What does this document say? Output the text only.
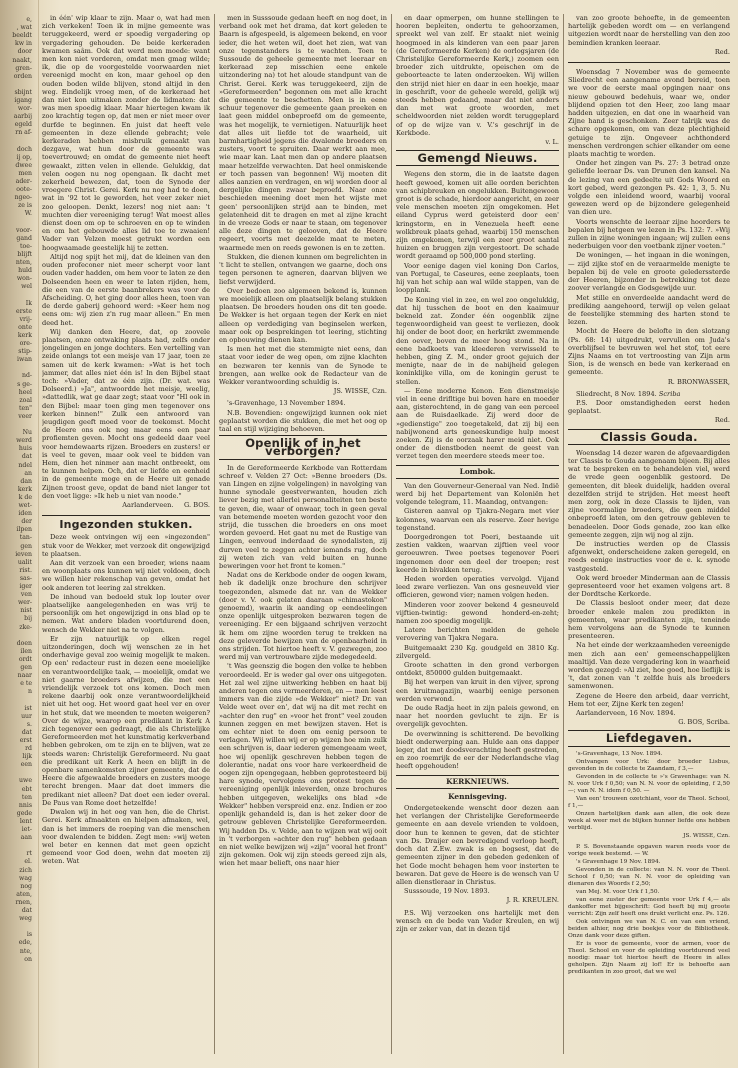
e,
, wat
beeldt
kw in
door
naakt,
gren-
orden
sbijnt
igang
wor-
aarbij
egeld
rn af-
doch
ij op,
dwee
men
ader-
oote-
ngeo-
ze is
W.
voor-
gand
toe-
blijft
nten,
huld
won-
wel
Ik
erste
vrij-
onte
kerk
ore-
stip-
iwan
nd-
s ge-
heel
zoal
ten"
veer
Nu
werd
huis
dat
ndel
an
dan
kerk
k de
wet-
iden
der
ilpen
tan-
gen
ieven
ualit
rist.
sas-
iger
ven
wer-
nist
bij
zke-
doen
ilen
ordt
gen
naar
e te
n
ist
uur
s.
dat
erst
rd
lijk
een
uwe
ebt
ten
nnis
gede
lent
iet-
aan
rt
el.
zich
wag
nog
aten,
rnen,
dat
weg
is
ede,
nte,
on

in één' wip klaar te zijn. Maar o, wat had men zich verkeken! Toen ik in mijne gemeente was teruggekeerd, werd er spoedig vergadering op vergadering gehouden. De beide kerkeraden kwamen saâm. Ook dat werd men moede: want men kon niet vorderen, omdat men gmag wilde; ik, die op de voorgestelde voorwaarden niet vereenigd mocht en kon, maar gehoel op den ouden boden wilde blijven, stond altijd in den weg. Eindelijk vroeg men, of de kerkeraad het dan niet kon uitmaken zonder de lidmaten: dat was men spoedig klaar. Maar hiertegen kwam ik zoo krachtig tegen op, dat men er niet meer over durfde te beginnen. En juist dat heeft vele gemeenten in deze ellende gebracht; vele kerkeraden hebben misbruik gemaakt van dezgave, wat hun door de gemeente was toevertrouwd; en omdat de gemeente niet heeft gewaakt, zitten velen in ellende. Gelukkig, dat velen oogen nu nog opengaan. Ik dacht met zekerheid bewezen, dat, toen de Synode der vroegere Christ. Gerei. Kerk nu nog had te doen, wat in '92 tot le geworden, het veer zeker niet zoo geloopen. Denkt, lezers! nog niet aan: 't muchten dier vereeniging terug! Wat moest alles dienst doen om op te schroeven en op te winden en om het gebouwde alles lid toe te zwaaien! Vader van Velzen moest getrukt worden een hoogwaamade geestelijk hij te zetten.

Altijd nog spijt het mij, dat de kleinen van den ouden profeconer niet meer scherpt voor lant ouden vader hadden, om hem voor te laten ze den Dolseenden heen en weer te laten rijden, hem, die een van de eerste baanbrekers was voor de Afscheiding. O, het ging door alles heen, toen van de derde gaberij gehoord werd: »Keer hem nog eens om: wij zien z'n rug maar alleen." En men deed het.

Wij danken den Heere, dat, op zoovele plaatsen, onze ontwaking plaats had, zelfs onder jongelingen en jonge dochters. Een vertelling van zeide onlangs tot een meisje van 17 jaar, toen ze samen uit de kerk kwamen: »Wat is het toch jammer, dat alles niet één is! In den Bijbel staat toch: »Vader, dat ze één zijn. (Dr. wat. was Dolseerd.) »Ja", antwoordde het meisje, weelig, »dattedlik, wat ge daar zegt; staat voor "Hl ook in den Bijbel: maar toen ging men tegenover ons kerken binnen!" Zulk een antwoord van jeugdigen geeft moed voor de toekomst. Mocht de Heere ons ook nog maar eens een paar profiemten geven. Mocht ons gedeeld daar veel voor hemdewaarts rijzen. Broeders en zusters! er is veel te geven, maar ook veel te bidden van Hem, dien het ninmer aan macht ontbreekt, om te kunnen helpen. Och, dat er liefde en eenheid in de gemeente moge en de Heere uit genade Zijnen troost geve, opdat de band niet langer tot den voet ligge: »Ik heb u niet van noode."

Aarlanderveen. G. BOS.

Ingezonden stukken.

Deze week ontvingen wij een »ingezonden" stuk voor de Wekker, met verzoek dit ongewijzigd te plaatsen.

Aan dit verzoek van een broeder, wiens naam en woonplaats ons kunnen wij niet voldoen, doch we willen hier rekenschap van geven, omdat het ook anderen tot leering zal strekken.

De inhoud van bedoeld stuk lop louter over plaatselijke aangelegenheden en was vrij te persoonlijk om het ongewijzigd in ons blad op te nemen. Wat andere bladen voortdurend doen, wensch de Wekker niet na te volgen.

Er zijn natuurlijk op elken regel uitzonderingen, doch wij wenschen ze in het onderhavige geval zoo weinig mogelijk te maken. Op een' redacteur rust in dezen eene moeielijke en verantwoordelijke taak, — moeielijk, omdat we niet gaarne broeders afwijzen, die met een vriendelijk verzoek tot ons komen. Doch men rekene daarbij ook onze verantwoordelijkheid niet uit het oog. Het woord gaat heel ver en over in het stuk, dat we meenden te moeten weigeren? Over de wijze, waarop een predikant in Kerk A zich tegenover een gedraagt, die als Christelijke Gereformeerden met het kunstmatig kerkverband hebben gebroken, om te zijn en te blijven, wat ze steeds waren: Christelijk Gereformeerd. Nu gaat die predikant uit Kerk A heen en blijft in de openbare samenkomsten zijner gemeente, dat de Heere die afgewaalde broeders en zusters mooge terecht brengen. Maar dat doet immers die predikant niet alleen? Dat doet een ieder overal. De Paus van Rome doet hetzelfde!

Dwalen wij in het oog van hen, die de Christ. Gerei. Kerk afmaakten en hielpen afmaken, wel, dan is het immers de roeping van die menschen voor dwalenden te bidden. Zegt men: »wij weten wel beter en kennen dat met geen opzicht gemeend voor God doen, wehn dat moeten zij weten. Wat

men in Susssoude gedaan heeft en nog doet, in verband ook met het drama, dat kort geleden te Baarn is afgespeeld, is algemeen bekend, en voor ieder, die het weten wil, doet het zien, wat van onze tegenstanders is te wachten. Toen te Sussoude de geheele gemeente met leeraar en kerkeraad zep misschien eene enkele uitzondering na) tot het aloude standpunt van de Christ. Gerei. Kerk was teruggekeerd, zijn de »Gereformeerden" begonnen om met alle kracht die gemeente te beschetten. Men is in eene schuur tegenover die gemeente gaan preeken en laat geen middel onbeproefd om de gemeente, was het mogelijk, te vernietigen. Natuurlijk heet dat alles uit liefde tot de waarheid, uit barmhartigheid jegens die dwalende broeders en zusters, voort te spruiten. Daar werkt aan mee, wie maar kan. Laat men dan op andere plaatsen maar hetzelfde verwachten. Dat heel onmiskende er toch passen van begonnen! Wij moeten dit alles aanzien en verdragen, en wij worden door al dergelijke dingen zwaar beproefd. Naar onze beschieden meening doet men het wijste met geen' persoonlijken strijd aan te binden, met gelatenheid dit te dragen en met al zijne kracht in de vreeze Gods er naar te staan, om tegenover alle deze dingen te gelooven, dat de Heere regeert, voorts met deezelde maat te meten, waarmede men on reeds gewonen is en te zetten.

Stukken, die dienen kunnen om begrelichten in 't licht te stellen, ontvangen we gaarne, doch ons tegen personen te agneren, daarvan blijven we liefst verwijderd.

Over bedoen zoo algemeen bekend is, kunnen we moeielijk alleen om plaatselijk belang stukken plaatsen. De broeders houden ons dit ten goede. De Wekker is het orgaan tegen der Kerk en niet alleen op verdediging van beginselen werken, maar ook op besprekingen tot leering, stichting en opbouwing dienen kan.

Is men het met die stemmigte niet eens, dan staat voor ieder de weg open, om zijne klachten en bezwaren ter kennis van de Synode te brengen, aan welke ook de Redacteur van de Wekker verantwoording schuldig is.

JS. WISSE, Czn.

's-Gravenhage, 13 November 1894.

N.B. Bovendien: ongewijzigd kunnen ook niet geplaatst worden die stukken, die met het oog op taal en stijl wijziging behoeven.

Openlijk of in het verborgen?

In de Gereformeerde Kerkbode van Rotterdam schreef v. Velden 27 Oct: »Benne broeders (Ds. van Lingen en zijne volgelingen) in navolging van hunne synodale geestverwanten, houden zich liever bezig met allerlei personaliteiten ten beste te geven, die, waar of onwaar, toch in geen geval van betemende moeten worden gezocht voor den strijd, die tusschen die broeders en ons moet worden gevoerd. Het gaat nu met de Rustige van Lingen, eenvoud inderdaad de synodalisten, zij durven veel te zeggen achter iemands rug, doch zij weten zich van veld buiten en hunne beweringen voor het front te komen."

Nadat ons de Kerkbode onder de oogen kwam, heb ik dadelijk onze brochure den schrijver toegezonden, alsmede dat nr. van de Wekker (door v. V. ook gelaten daaraan »chimastokon" genoemd), waarin ik aanding op eendeelingen onze openlijk uitgesproken bezwaren tegen de vereeniging. Er een bijgaand schrijven verzocht ik hem om zijne woorden terug te trekken na deze geleverde bewijzen van de openbaarheid in ons strijden. Tot hiertoe heeft v. V. gezwegen, zoo werd mij van vertrouwbare zijde medegedeeld.

't Was geenszig die bogen den volke te hebben veroordeeld. Er is weder gal over ons uitgegoten. Het zal wel zijne uitwerking hebben en haat bij anderen tegen ons vermeerderen, en — men leest immers van die zijde »de Wekker" niet? Dr. van Velde weet over en', dat wij na dit met recht en »achter den rug" en »voor het front" veel zouden kunnen zeggen en met bewijzen staven. Het is om echter niet te doen om eenig persoon te verlagen. Wij willen wij er op wijzen hoe min zulk een schrijven is, daar iederen gemengeaam weet, hoe wij openlijk geschreven hebben tegen de dolerantie, nadat ons voor hare verkeerdheid de oogen zijn opengegaan, hebben geprotesteerd bij hare synode, vervolgens ons protest tegen de vereeniging openlijk inleverden, onze brochures hebben uitgegeven, wekelijks ons blad »de Wekker" hebben verspreid enz. enz. Indien er zoo openlijk gehandeld is, dan is het zeker door de getrouw gebleven Christelijke Gereformeerden. Wij hadden Ds. v. Velde, aan te wijzen wat wij ooit in 't verborgen »achter den rug" hebben gedaan en niet welke bewijzen wij »zijn" vooral het front" zijn gekomen. Ook wij zijn steeds gereed zijn als, wien het maar belieft, ons naar hier

en daar opmerpen, om hunne stellingen te hooren bepleiten, ondertu te gehoorzamen, spreekt wel van zelf. Er staakt niet weinig hoogmoed in als kinderen van een paar jaren (de Gereformeerde Kerken) de oorlogsjaren (de Christelijke Gereformeerde Kerk,) zoomen een broeder zich uitdrukte, opeischen om de geboorteacte te laten onderzoeken. Wij willen den strijd niet hier en daar in een hoekje, maar in geschrift, voor de geheele wereld, gelijk wij steeds hebben gedaand, maar dat niet anders dan met wat groote woorden, met scheldwoorden niet zelden wordt teruggeplard of op de wijze van v. V.'s geschrijf in de Kerkbode.

v. L.

Gemengd Nieuws.

Wegens den storm, die in de laatste dagen heeft gewoed, komen uit alle oorden berichten van schipbreuken en ongelukken. Buitengewoon groot is de schade, hierdoor aangericht, en zeer vele menschen moeten zijn omgekomen. Het eiland Cyprus werd geteisterd door een' kringstorm, en in Venezuela heeft eene wolkbreuk plaats gehad, waarbij 150 menschen zijn omgekomen, terwijl een zeer groot aantal huizen en bruggen zijn vergestoort. De schade wordt geraamd op 500,000 pond sterling.

Voor eenige dagen viel koning Don Carlos, van Portugal, te Caseures, eene zeeplaats, toen hij van het schip aan wal wilde stappen, van de loopplank.

De Koning viel in zee, en wel zoo ongelukkig, dat hij tusschen de boot en den kaaimuur bekneld zat. Zonder één oogenblik zijne tegenwoordigheid van geest te verliezen, dook hij onder de boot door, en herkrikt zwemmende den oever, boven de meer hoog stond. Na in eene badkoets van kleederen verwisseld te hebben, ging Z. M., onder groot gejuich der menigte, naar de in de nabijheid gelegen koninklijke villa, om de koningin gerust te stellen.

— Eene moderne Kenon. Een dienstmeisje viel in eene drifltige bui boven hare en moeder aan, gisterochtend, in de gang van een perceel aan de Ruisdaelkade. Zij werd door de »gedienstige" zoo toegetakeld, dat zij bij een nabijwonend arts geneeskundige hulp moest zoeken. Zij is de oorzaak harer meid niet. Ook onder de dienstboden neemt de geest van verzet tegen den meerdere steeds meer toe.

Lombok.

Van den Gouverneur-Generaal van Ned. Indië werd bij het Departement van Koloniën het volgende telegram, 11. Maandag, ontvangen:

Gisteren aanval op Tjakra-Negara met vier kolonnes, waarvan een als reserve. Zeer hevige tegenstand.

Doorgedrongen tot Poeri, bestaande uit zestien vakken, waarvan zijftien veel voor geroeuwren. Twee poetses tegenover Poeri ingenomen door een deel der troepen; rest keerde in bivakken terug.

Heden worden operaties vervolgd. Vijand leed zware verliezen. Van ons gesneuveld vier officieren, gewond vier; namen volgen heden.

Minderen voor zoover bekend 4 gesneuveld vijftien-twintig: gewond honderd-en-zeht; namen zoo spoedig mogelijk.

Latere berichten melden de gehele verovering van Tjakra Negara.

Buitgemaakt 230 Kg. goudgeld en 3810 Kg. zilvergeld.

Groote schatten in den grond verborgen ontdekt, 850000 gulden buitgemaakt.

Bij het werpen van kruit in den vijver, sprong een kruitmagazijn, waarbij eenige personen werden verwond.

De oude Radja heet in zijn paleis gewond, en naar het noorden gevlucht te zijn. Er is overgelijk gevochten.

De overwinning is schitterend. De bevolking biedt onderwerping aan. Hulde aan ons dapper leger, dat met doodsverachting heeft gestreden, en zoo roemrijk de eer der Nederlandsche vlag heeft opgehouden!

KERKNIEUWS.
Kennisgeving.

Ondergeteekende wenscht door dezen aan het verlangen der Christelijke Gereformeerde gemeente en aan devele vrienden te voldoen, door hun te kennen te geven, dat de stichter van Ds. Draijer een bevredigend verloop heeft, doch dat Z.Ew. zwak is en bogsest, dat de gemeenten zijner in den gebeden gedenken of het Gode mocht behagen hem voor insterten te bewaren. Dat geve de Heere is de wensch van U allen dienstleraar in Christus.

Susssoude, 19 Nov. 1893.

J. R. KREULEN.

P.S. Wij verzoeken ons hartelijk met den wensch en de bede van Vader Kreulen, en wij zijn er zeker van, dat in dezen tijd

van zoo groote behoefte, in de gemeenten hartelijk gebeden wordt om — en verlangend uitgezien wordt naar de herstelling van den zoo bemindien kranken leeraar.

Red.

Woensdag 7 November was de gemeente Sliedrecht een aangename avond bereid, toen we voor de eerste maal opgingen naar ons nieuw gebouwd bedehuis, waar we, onder blijdend opzien tot den Heer, zoo lang maar hadden uitgezien, en dat one in waarheid van Zijne hand is geschonken. Zeer talrijk was de schare opgekomen, om van deze plechtigheid getuige te zijn. Ongeveer achthonderd menschen verdrongen schier elkander om eene plaats machtig te worden.

Onder het zingen van Ps. 27: 3 betrad onze geliefde leeraar Ds. van Drunen den kansel. Na de lezing van een gedeelte uit Gods Woord en kort gebed, werd gezongen Ps. 42: 1, 3, 5. Nu volgde een inleidend woord, waarbij vooral gewezen werd op de bijzondere gelegenheid van dien ure.

Voorts wenschte de leeraar zijne hoorders te bepalen bij hetgeen we lezen in Ps. 132: 7. »Wij zullen in zijne woningen ingaan; wij zullen eens nederbuigen voor den voetbank zijner voeten."

De woningen, — het ingaan in die woningen, — zijd zijke stof en de veraarmelde menigte te bepalen bij de vele en groote gelederssterde der Heeren, bijzonder in betrekking tot deze zoover verlangde en Godsgewijde uur.

Met stille en onverdeelde aandacht werd de prediking aangehoord, terwijl op velen gelaat de feestelijke stemming des harten stond te lezen.

Mocht de Heere de belofte in den slotzang (Ps. 68: 14) uitgedrukt, vervullen om Juda's overblijfsel te bevruwen wel het stof, tot eere Zijns Naams en tot vertroosting van Zijn arm Sion, is de wensch en bede van kerkeraad en gemeente.

R. BRONWASSER,

Sliedrecht, 8 Nov. 1894. Scriba

P.S. Door omstandigheden eerst heden geplaatst.

Red.

Classis Gouda.

Woensdag 14 dezer waren de afgevaardigden ter Classis te Gouda aangenaam bijeen. Bij alles wat te bespreken en te behandelen viel, werd de vrede geen oogenblik gestoord. De gemeenten, dit bleek duidelijk, hadden overal dezelfden strijd te strijden. Het meest heeft men zorg, ook in deze Classis te lijden, van zijne voormalige broeders, die geen middel onbeproefd laten, om den getrouw gebleven te benadeelen. Door Gods genade, zoo kan elke gemeente zeggen, zijn wij nog al zijn.

De instructies werden op de Classis afgenwekt, onderscheidene zaken geregeld, en reeds eenige instructies voor de e. k. synode vastgesteld.

Ook werd broeder Minderman aan de Classis gepresenteerd voor het examen volgens art. 8 der Dordtsche Kerkorde.

De Classis besloot onder meer, dat deze broeder enkele malen zou predikten in gemeenten, waar predikanten zijn, teneinde hem vervolgens aan de Synode te kunnen presenteeren.

Na het einde der werkzaamheden vereenigde men zich aan een' gemeenschappelijken maaltijd. Van deze vergadering kon in waarheid worden gezegd: »Al ziet, hoe goed, hoe lieflijk is 't, dat zonen van 't zelfde huis als broeders samenwonen.

Zegene de Heere den arbeid, daar verricht, Hem tot eer, Zijne Kerk ten zegen!

Aarlanderveen, 16 Nov. 1894.

G. BOS, Scriba.

Liefdegaven.

's-Gravenhage, 13 Nov. 1894.

Ontvangen voor Urk: door broeder Lisbus, gevonden in de collecte te Zaandam, f 3,—

Gevonden in de collecte te »'s Gravenhage: van N. N. voor Urk f 0,50; van N. N. voor de opleiding, f 2,50 —; van N. N. idem f 0,50. —

Van een' trouwen ozetchiant, voor de Theol. School, f 1,—

Onzen hartelijken dank aan allen, die ook deze week al weer met de blijken hunner liefde ons hebben verblijd.

JS. WISSE, Czn.

P. S. Bovenstaande opgaven waren reeds voor de vorige week bestemd. — W.

's Gravenhage 19 Nov. 1894.

Gevonden in de collecte: van N. N. voor de Theol. School f 0,50; van N. N. voor de opleiding van dienaren des Woords f 2,50;

van Mej. M. voor Urk f 1,50.

van eene zuster der gemeente voor Urk f 4,— als dankoffer met bijgeschrift: God heeft bij mij groote verricht: Zijn zelf heeft ons drukt verlicht enz. Ps. 126.

Ook ontvingen we van N. C. en van een vriend, beiden alhier, nog drie boekjes voor de Bibliotheek. Onze dank voor deze giften.

Er is voor de gemeente, voor de armen, voor de Theol. School en voor de opleiding voortdurend veel noodig: maar tot hiertoe heeft de Heere in alles geholpen. Zijn Naam zij lof! Er is behoefte aan predikanten in zoo groot, dat we wel
